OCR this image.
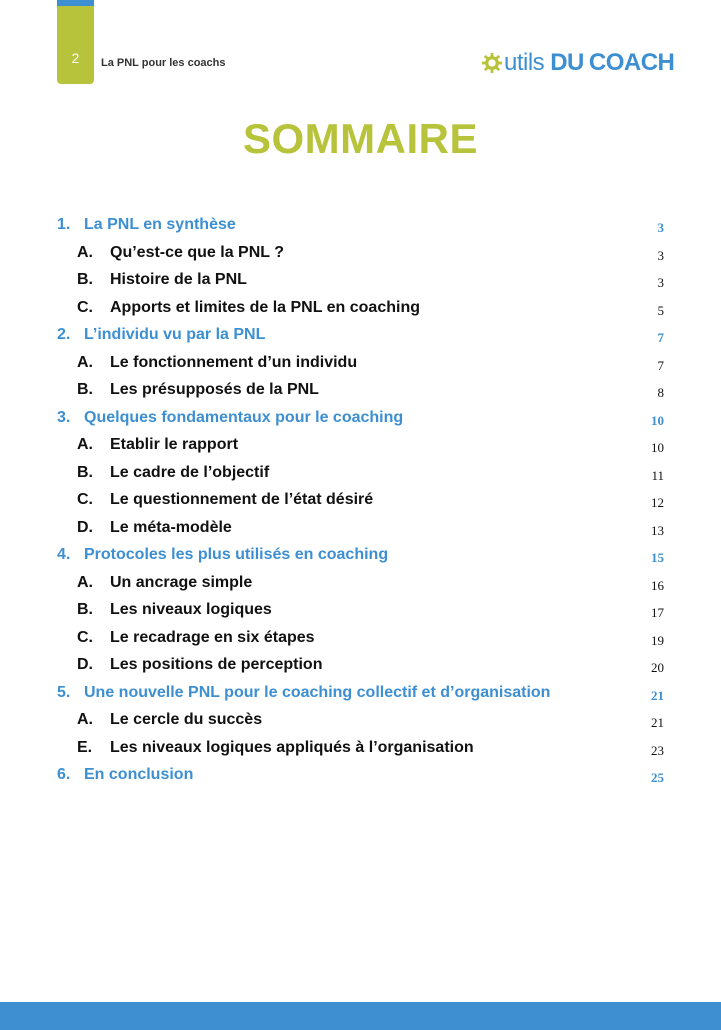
2	La PNL pour les coachs	utils DU COACH
SOMMAIRE
1. La PNL en synthèse	3
A. Qu’est-ce que la PNL ?	3
B. Histoire de la PNL	3
C. Apports et limites de la PNL en coaching	5
2. L’individu vu par la PNL	7
A. Le fonctionnement d’un individu	7
B. Les présupposés de la PNL	8
3. Quelques fondamentaux pour le coaching	10
A. Etablir le rapport	10
B. Le cadre de l’objectif	11
C. Le questionnement de l’état désiré	12
D. Le méta-modèle	13
4. Protocoles les plus utilisés en coaching	15
A. Un ancrage simple	16
B. Les niveaux logiques	17
C. Le recadrage en six étapes	19
D. Les positions de perception	20
5. Une nouvelle PNL pour le coaching collectif et d’organisation	21
A. Le cercle du succès	21
E. Les niveaux logiques appliqués à l’organisation	23
6. En conclusion	25
